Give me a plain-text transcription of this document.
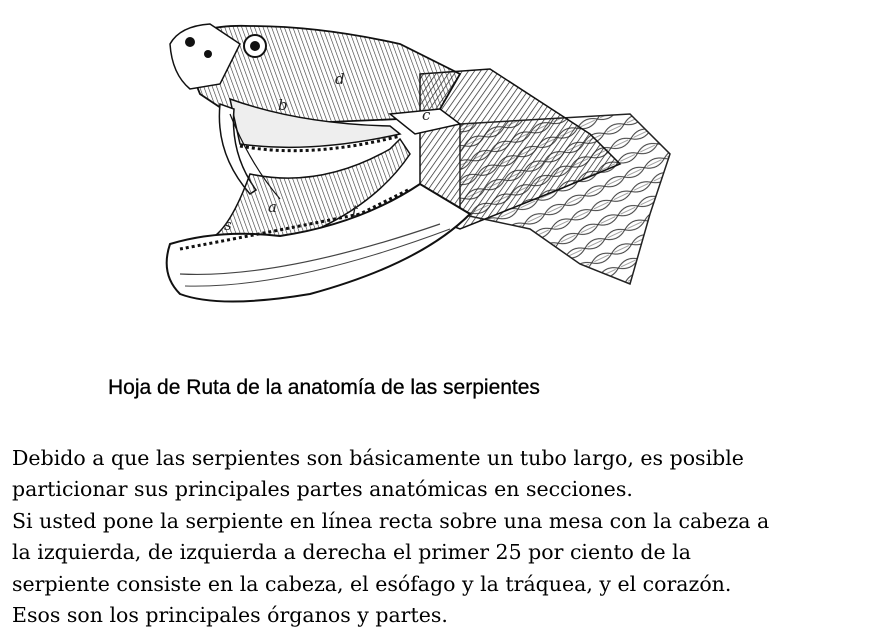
b
d
c
a
s
t
Hoja de Ruta de la anatomía de las serpientes

Debido a que las serpientes son básicamente un tubo largo, es posible
particionar sus principales partes anatómicas en secciones.
Si usted pone la serpiente en línea recta sobre una mesa con la cabeza a
la izquierda, de izquierda a derecha el primer 25 por ciento de la
serpiente consiste en la cabeza, el esófago y la tráquea, y el corazón.
Esos son los principales órganos y partes.
